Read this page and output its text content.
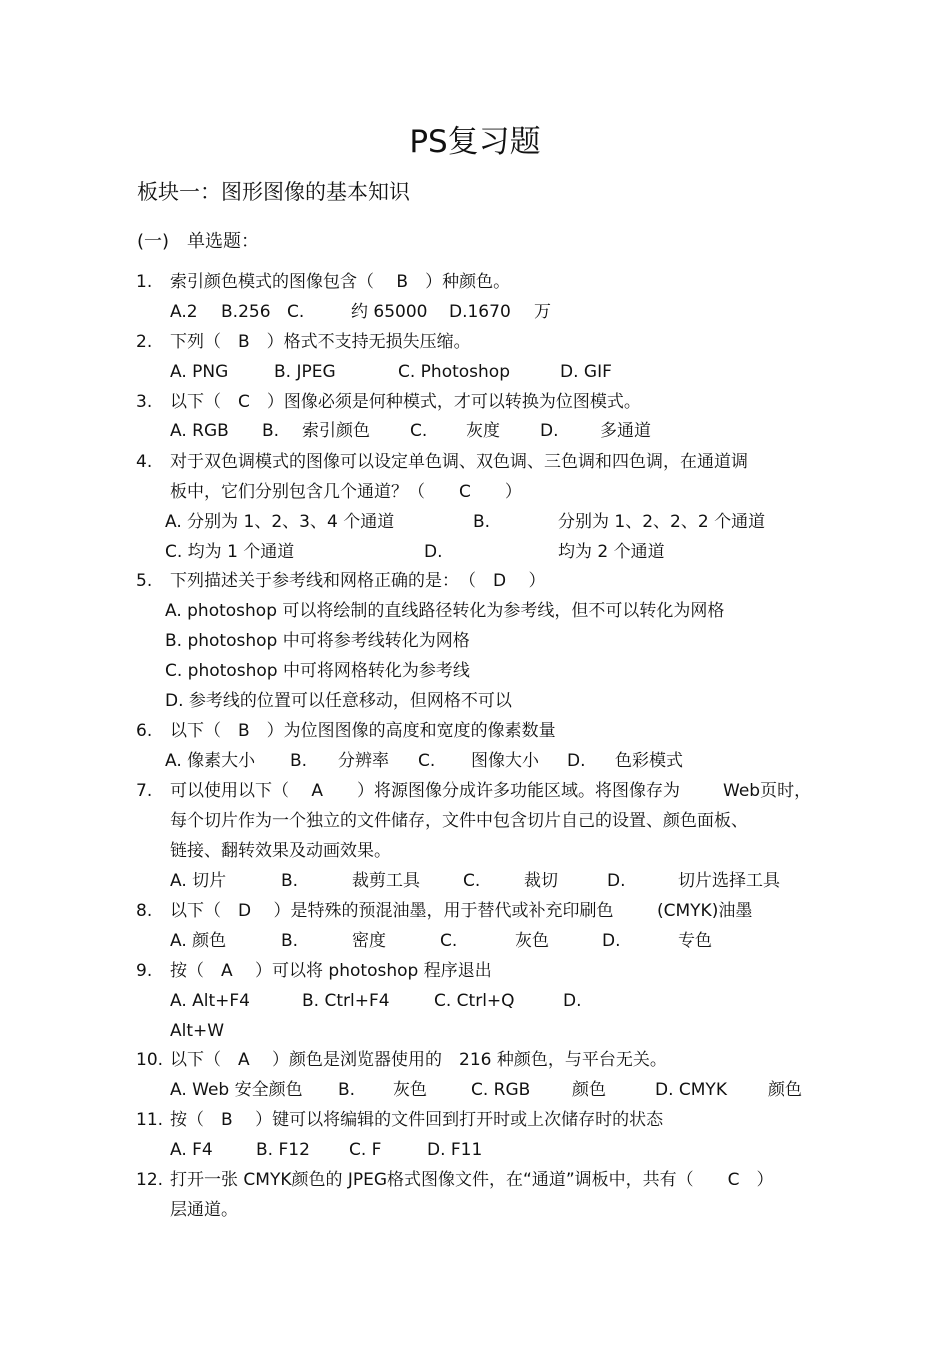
PS复习题
板块一：图形图像的基本知识
(一)　单选题：
1. 索引颜色模式的图像包含（　 B　）种颜色。
A.2 B.256 C.	约 65000 D.1670 万
2. 下列（　B　）格式不支持无损失压缩。
A. PNG	B. JPEG	C. Photoshop	D. GIF
3. 以下（　C　）图像必须是何种模式，才可以转换为位图模式。
A. RGB B. 索引颜色 C. 灰度 D. 多通道
4. 对于双色调模式的图像可以设定单色调、双色调、三色调和四色调，在通道调
板中，它们分别包含几个通道？（　　C　　）
A. 分别为 1、2、3、4 个通道	B.	分别为 1、2、2、2 个通道
C. 均为 1 个通道	D.	均为 2 个通道
5. 下列描述关于参考线和网格正确的是：　（　D　 ）
A. photoshop 可以将绘制的直线路径转化为参考线，但不可以转化为网格
B. photoshop 中可将参考线转化为网格
C. photoshop 中可将网格转化为参考线
D. 参考线的位置可以任意移动，但网格不可以
6. 以下（　B　）为位图图像的高度和宽度的像素数量
A. 像素大小 B. 分辨率 C. 图像大小 D. 色彩模式
7. 可以使用以下（　 A　　）将源图像分成许多功能区域。将图像存为	Web页时，
每个切片作为一个独立的文件储存，文件中包含切片自己的设置、颜色面板、
链接、翻转效果及动画效果。
A. 切片	B.	裁剪工具	C.	裁切	D.	切片选择工具
8. 以下（　D　 ）是特殊的预混油墨，用于替代或补充印刷色	(CMYK)油墨
A. 颜色	B.	密度	C.	灰色	D.	专色
9. 按（　A　 ）可以将 photoshop 程序退出
A. Alt+F4	B. Ctrl+F4	C. Ctrl+Q	D.
Alt+W
10. 以下（　A　 ）颜色是浏览器使用的　216 种颜色，与平台无关。
A. Web 安全颜色 B. 灰色	C. RGB 颜色	D. CMYK 颜色
11. 按（　B　 ）键可以将编辑的文件回到打开时或上次储存时的状态
A. F4	B. F12 C. F	D. F11
12. 打开一张 CMYK颜色的 JPEG格式图像文件，在“通道”调板中，共有（　　C　）
层通道。
